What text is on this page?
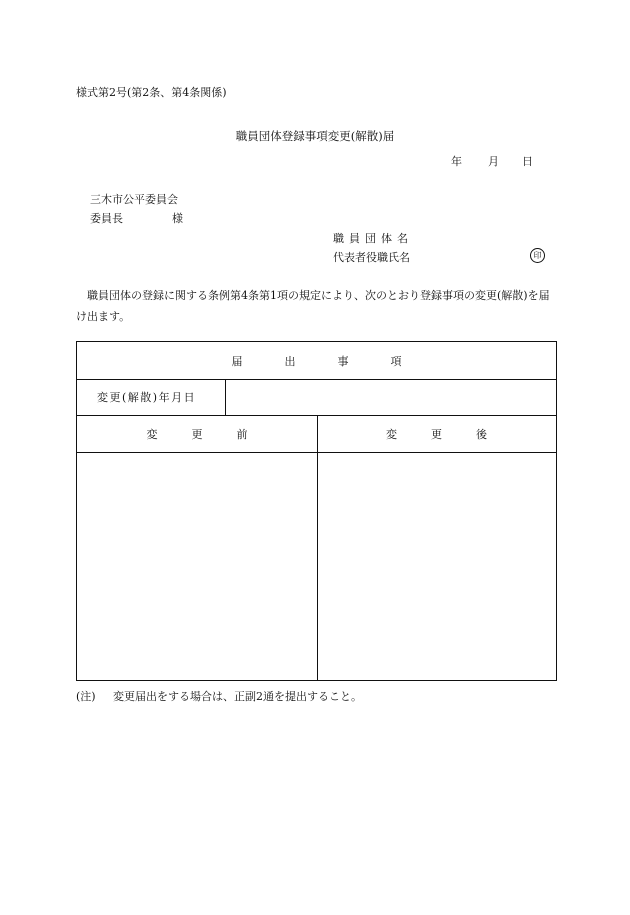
様式第2号(第2条、第4条関係)
職員団体登録事項変更(解散)届
年 月 日
三木市公平委員会
委員長	様
職員団体名
代表者役職氏名	印
職員団体の登録に関する条例第4条第1項の規定により、次のとおり登録事項の変更(解散)を届け出ます。
届出事項
変更(解散)年月日
変更前	変更後
(注) 変更届出をする場合は、正副2通を提出すること。
